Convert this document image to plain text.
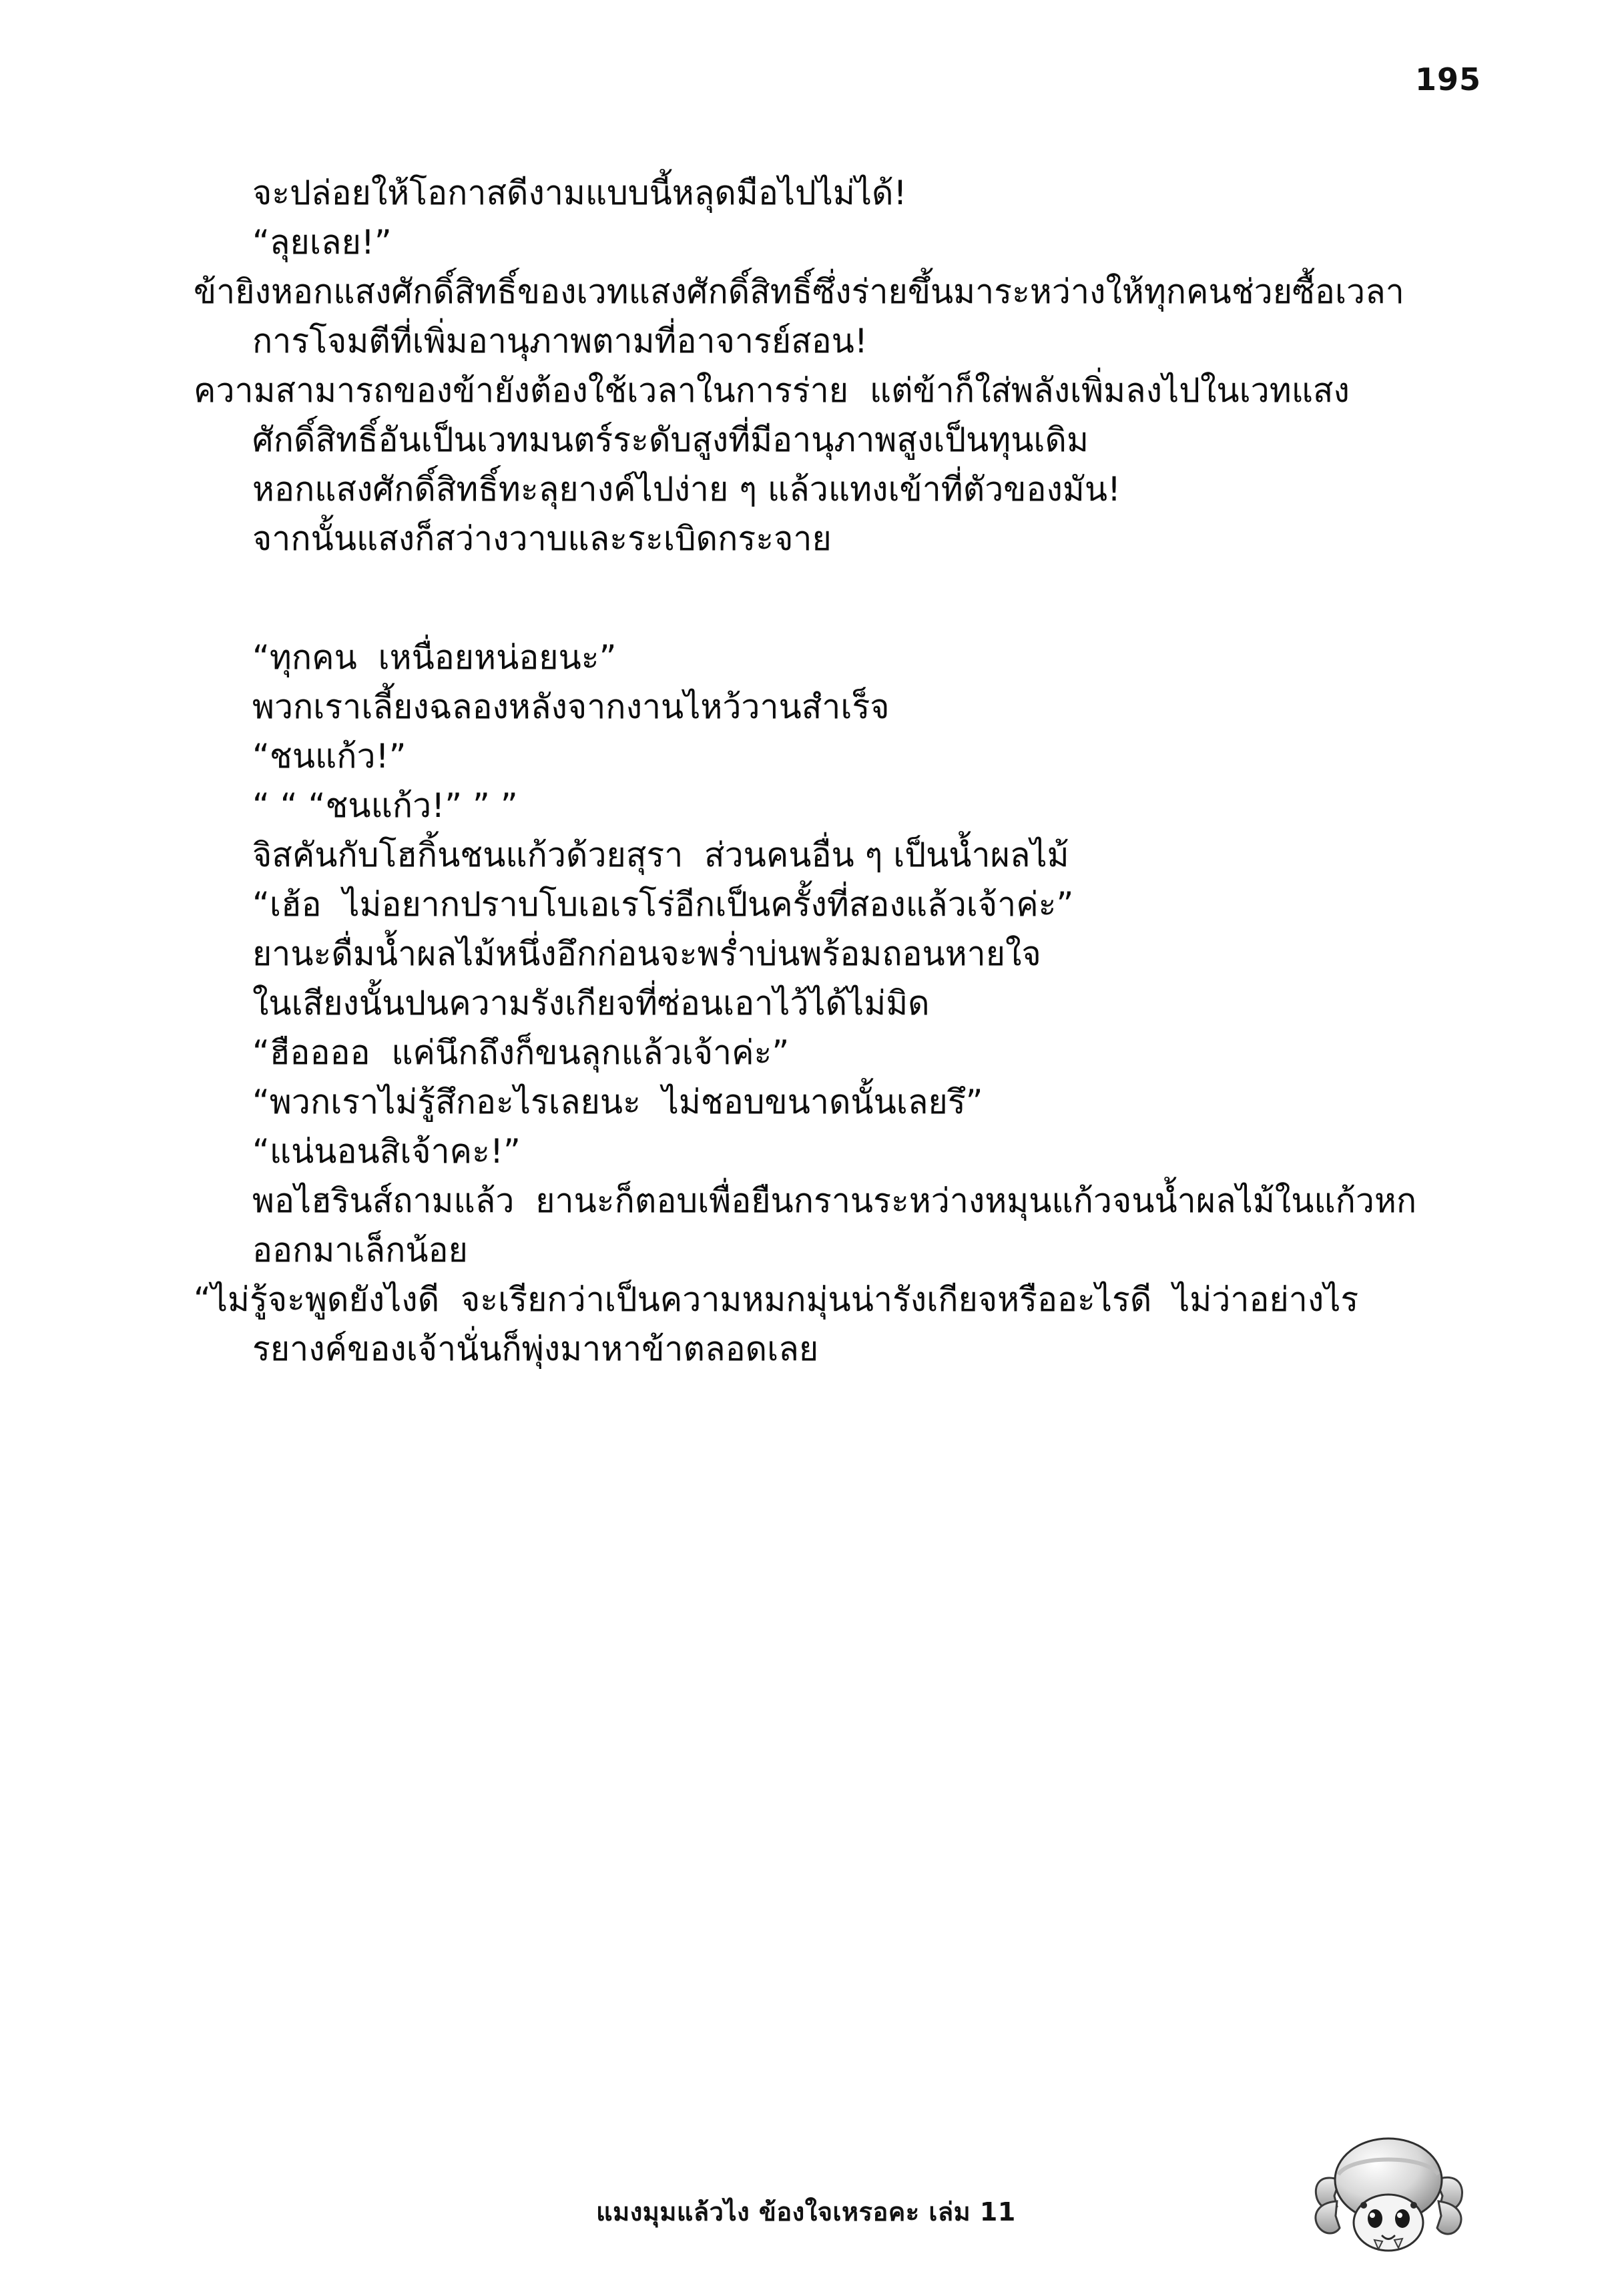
195
จะปล่อยให้โอกาสดีงามแบบนี้หลุดมือไปไม่ได้!
“ลุยเลย!”
ข้ายิงหอกแสงศักดิ์สิทธิ์ของเวทแสงศักดิ์สิทธิ์ซึ่งร่ายขึ้นมาระหว่างให้ทุกคนช่วยซื้อเวลา
การโจมตีที่เพิ่มอานุภาพตามที่อาจารย์สอน!
ความสามารถของข้ายังต้องใช้เวลาในการร่าย  แต่ข้าก็ใส่พลังเพิ่มลงไปในเวทแสงศักดิ์สิทธิ์อันเป็นเวทมนตร์ระดับสูงที่มีอานุภาพสูงเป็นทุนเดิม
หอกแสงศักดิ์สิทธิ์ทะลุยางค์ไปง่าย ๆ แล้วแทงเข้าที่ตัวของมัน!
จากนั้นแสงก็สว่างวาบและระเบิดกระจาย
“ทุกคน  เหนื่อยหน่อยนะ”
พวกเราเลี้ยงฉลองหลังจากงานไหว้วานสำเร็จ
“ชนแก้ว!”
“ “ “ชนแก้ว!” ” ”
จิสคันกับโฮกิ้นชนแก้วด้วยสุรา  ส่วนคนอื่น ๆ เป็นน้ำผลไม้
“เฮ้อ  ไม่อยากปราบโบเอเรโร่อีกเป็นครั้งที่สองแล้วเจ้าค่ะ”
ยานะดื่มน้ำผลไม้หนึ่งอึกก่อนจะพร่ำบ่นพร้อมถอนหายใจ
ในเสียงนั้นปนความรังเกียจที่ซ่อนเอาไว้ได้ไม่มิด
“ฮืออออ  แค่นึกถึงก็ขนลุกแล้วเจ้าค่ะ”
“พวกเราไม่รู้สึกอะไรเลยนะ  ไม่ชอบขนาดนั้นเลยรึ”
“แน่นอนสิเจ้าคะ!”
พอไฮรินส์ถามแล้ว  ยานะก็ตอบเพื่อยืนกรานระหว่างหมุนแก้วจนน้ำผลไม้ในแก้วหกออกมาเล็กน้อย
“ไม่รู้จะพูดยังไงดี  จะเรียกว่าเป็นความหมกมุ่นน่ารังเกียจหรืออะไรดี  ไม่ว่าอย่างไร  รยางค์ของเจ้านั่นก็พุ่งมาหาข้าตลอดเลย
แมงมุมแล้วไง ข้องใจเหรอคะ เล่ม 11
